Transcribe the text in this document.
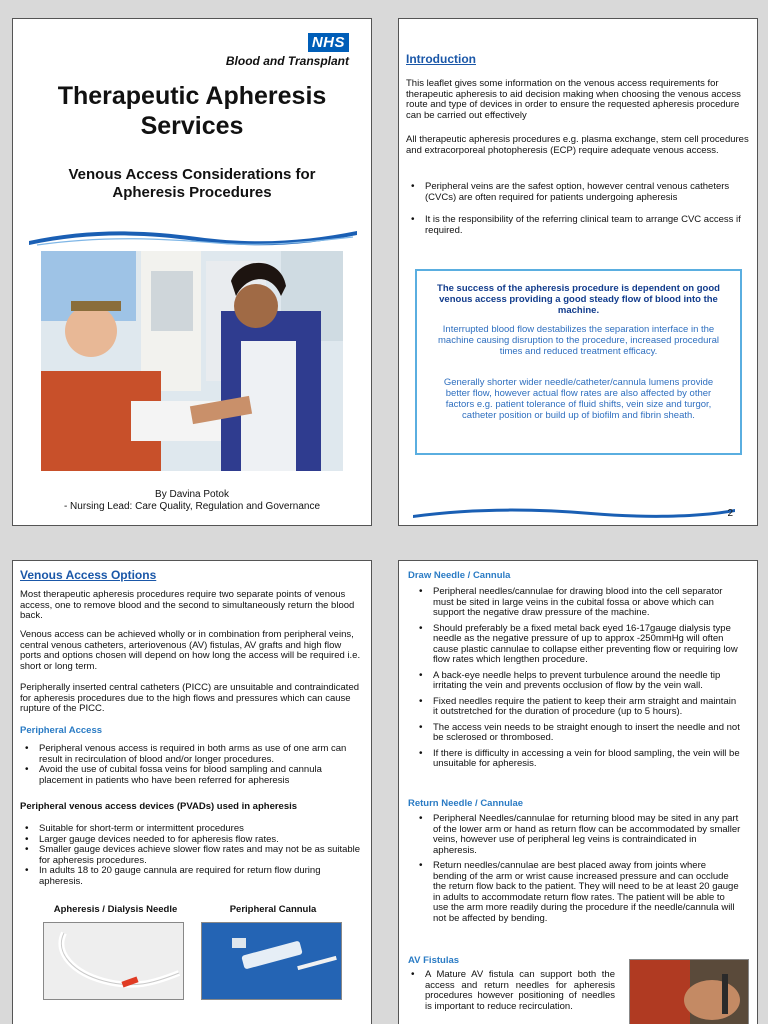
NHS
Blood and Transplant
Therapeutic Apheresis
Services
Venous Access Considerations for
Apheresis Procedures
By Davina Potok
- Nursing Lead: Care Quality, Regulation and Governance
Introduction
This leaflet gives some information on the venous access requirements for therapeutic apheresis to aid decision making when choosing the venous access route and type of devices in order to ensure the requested apheresis procedure can be carried out effectively
All therapeutic apheresis procedures e.g. plasma exchange, stem cell procedures and extracorporeal photopheresis (ECP) require adequate venous access.
• Peripheral veins are the safest option, however central venous catheters (CVCs) are often required for patients undergoing apheresis
• It is the responsibility of the referring clinical team to arrange CVC access if required.
The success of the apheresis procedure is dependent on good venous access providing a good steady flow of blood into the machine.
Interrupted blood flow destabilizes the separation interface in the machine causing disruption to the procedure, increased procedural times and reduced treatment efficacy.
Generally shorter wider needle/catheter/cannula lumens provide better flow, however actual flow rates are also affected by other factors e.g. patient tolerance of fluid shifts, vein size and turgor, catheter position or build up of biofilm and fibrin sheath.
2
Venous Access Options
Most therapeutic apheresis procedures require two separate points of venous access, one to remove blood and the second to simultaneously return the blood back.
Venous access can be achieved wholly or in combination from peripheral veins, central venous catheters, arteriovenous (AV) fistulas, AV grafts and high flow ports and options chosen will depend on how long the access will be required i.e. short or long term.
Peripherally inserted central catheters (PICC) are unsuitable and contraindicated for apheresis procedures due to the high flows and pressures which can cause rupture of the PICC.
Peripheral Access
• Peripheral venous access is required in both arms as use of one arm can result in recirculation of blood and/or longer procedures.
• Avoid the use of cubital fossa veins for blood sampling and cannula placement in patients who have been referred for apheresis
Peripheral venous access devices (PVADs) used in apheresis
• Suitable for short-term or intermittent procedures
• Larger gauge devices needed to for apheresis flow rates.
• Smaller gauge devices achieve slower flow rates and may not be as suitable for apheresis procedures.
• In adults 18 to 20 gauge cannula are required for return flow during apheresis.
Apheresis / Dialysis Needle	Peripheral Cannula
Draw Needle / Cannula
• Peripheral needles/cannulae for drawing blood into the cell separator must be sited in large veins in the cubital fossa or above which can support the negative draw pressure of the machine.
• Should preferably be a fixed metal back eyed 16-17gauge dialysis type needle as the negative pressure of up to approx -250mmHg will often cause plastic cannulae to collapse either preventing flow or requiring low flow rates which lengthen procedure.
• A back-eye needle helps to prevent turbulence around the needle tip irritating the vein and prevents occlusion of flow by the vein wall.
• Fixed needles require the patient to keep their arm straight and maintain it outstretched for the duration of procedure (up to 5 hours).
• The access vein needs to be straight enough to insert the needle and not be sclerosed or thrombosed.
• If there is difficulty in accessing a vein for blood sampling, the vein will be unsuitable for apheresis.
Return Needle / Cannulae
• Peripheral Needles/cannulae for returning blood may be sited in any part of the lower arm or hand as return flow can be accommodated by smaller veins, however use of peripheral leg veins is contraindicated in apheresis.
• Return needles/cannulae are best placed away from joints where bending of the arm or wrist cause increased pressure and can occlude the return flow back to the patient. They will need to be at least 20 gauge in adults to accommodate return flow rates. The patient will be able to use the arm more readily during the procedure if the needle/cannula will not be affected by bending.
AV Fistulas
• A Mature AV fistula can support both the access and return needles for apheresis procedures however positioning of needles is important to reduce recirculation.
